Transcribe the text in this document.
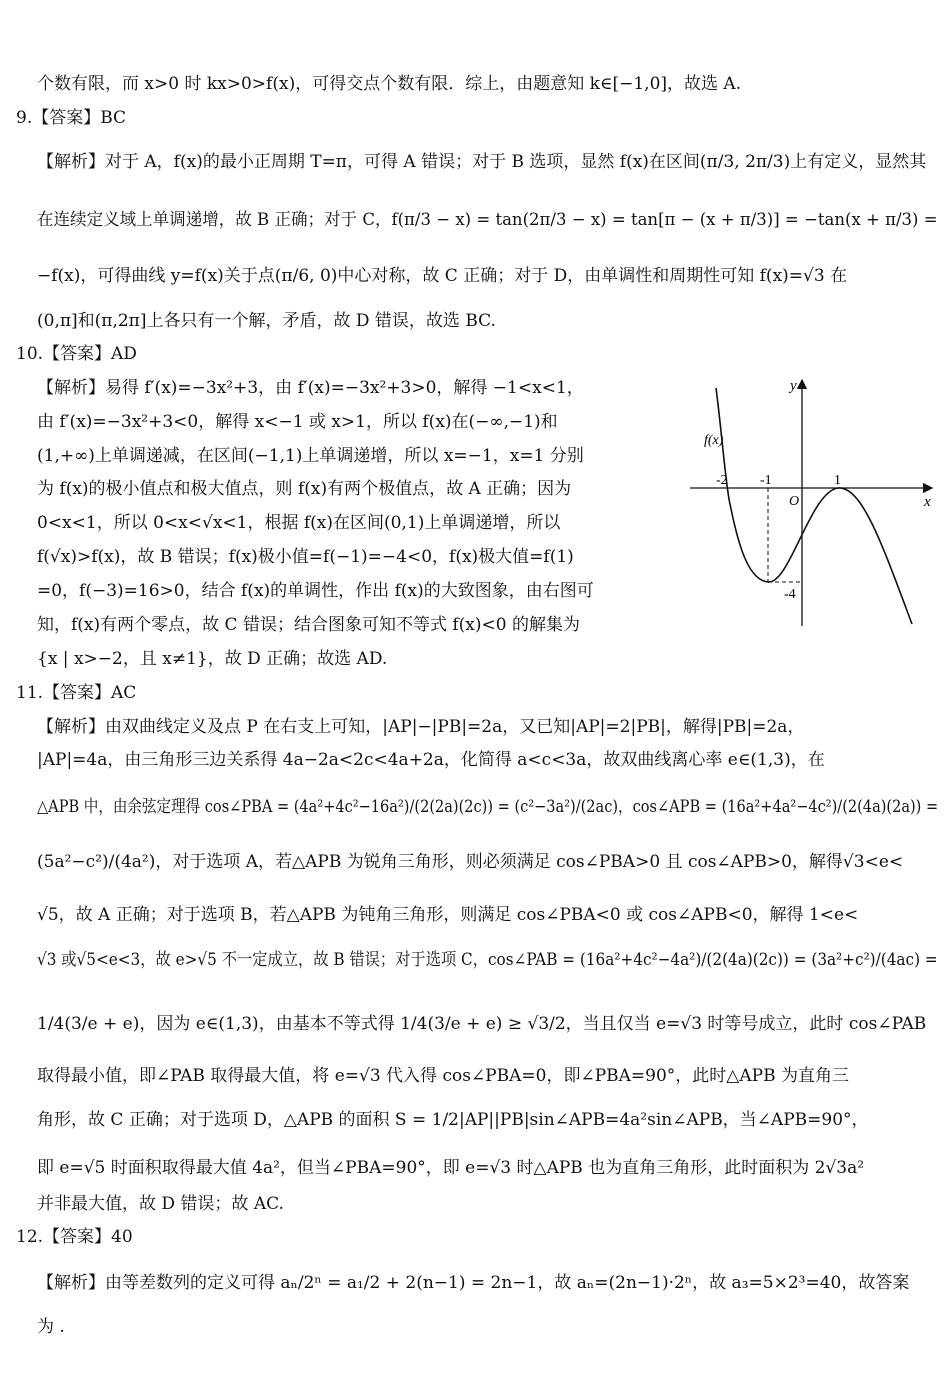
个数有限，而 x>0 时 kx>0>f(x)，可得交点个数有限．综上，由题意知 k∈[−1,0]，故选 A.
9.【答案】BC
【解析】对于 A，f(x)的最小正周期 T=π，可得 A 错误；对于 B 选项，显然 f(x)在区间(π/3, 2π/3)上有定义，显然其
在连续定义域上单调递增，故 B 正确；对于 C，f(π/3 − x) = tan(2π/3 − x) = tan[π − (x + π/3)] = −tan(x + π/3) =
−f(x)，可得曲线 y=f(x)关于点(π/6, 0)中心对称，故 C 正确；对于 D，由单调性和周期性可知 f(x)=√3 在
(0,π]和(π,2π]上各只有一个解，矛盾，故 D 错误，故选 BC.
10.【答案】AD
【解析】易得 f′(x)=−3x²+3，由 f′(x)=−3x²+3>0，解得 −1<x<1，
由 f′(x)=−3x²+3<0，解得 x<−1 或 x>1，所以 f(x)在(−∞,−1)和
(1,+∞)上单调递减，在区间(−1,1)上单调递增，所以 x=−1，x=1 分别
为 f(x)的极小值点和极大值点，则 f(x)有两个极值点，故 A 正确；因为
0<x<1，所以 0<x<√x<1，根据 f(x)在区间(0,1)上单调递增，所以
f(√x)>f(x)，故 B 错误；f(x)极小值=f(−1)=−4<0，f(x)极大值=f(1)
=0，f(−3)=16>0，结合 f(x)的单调性，作出 f(x)的大致图象，由右图可
知，f(x)有两个零点，故 C 错误；结合图象可知不等式 f(x)<0 的解集为
{x | x>−2，且 x≠1}，故 D 正确；故选 AD.
11.【答案】AC
【解析】由双曲线定义及点 P 在右支上可知，|AP|−|PB|=2a，又已知|AP|=2|PB|，解得|PB|=2a，
|AP|=4a，由三角形三边关系得 4a−2a<2c<4a+2a，化简得 a<c<3a，故双曲线离心率 e∈(1,3)，在
△APB 中，由余弦定理得 cos∠PBA = (4a²+4c²−16a²)/(2(2a)(2c)) = (c²−3a²)/(2ac)，cos∠APB = (16a²+4a²−4c²)/(2(4a)(2a)) =
(5a²−c²)/(4a²)，对于选项 A，若△APB 为锐角三角形，则必须满足 cos∠PBA>0 且 cos∠APB>0，解得√3<e<
√5，故 A 正确；对于选项 B，若△APB 为钝角三角形，则满足 cos∠PBA<0 或 cos∠APB<0，解得 1<e<
√3 或√5<e<3，故 e>√5 不一定成立，故 B 错误；对于选项 C，cos∠PAB = (16a²+4c²−4a²)/(2(4a)(2c)) = (3a²+c²)/(4ac) =
1/4(3/e + e)，因为 e∈(1,3)，由基本不等式得 1/4(3/e + e) ≥ √3/2，当且仅当 e=√3 时等号成立，此时 cos∠PAB
取得最小值，即∠PAB 取得最大值，将 e=√3 代入得 cos∠PBA=0，即∠PBA=90°，此时△APB 为直角三
角形，故 C 正确；对于选项 D，△APB 的面积 S = 1/2|AP||PB|sin∠APB=4a²sin∠APB，当∠APB=90°，
即 e=√5 时面积取得最大值 4a²，但当∠PBA=90°，即 e=√3 时△APB 也为直角三角形，此时面积为 2√3a²
并非最大值，故 D 错误；故 AC.
12.【答案】40
【解析】由等差数列的定义可得 aₙ/2ⁿ = a₁/2 + 2(n−1) = 2n−1，故 aₙ=(2n−1)·2ⁿ，故 a₃=5×2³=40，故答案
为 .
x
y
f(x)
O
-2 -1	1
-4
